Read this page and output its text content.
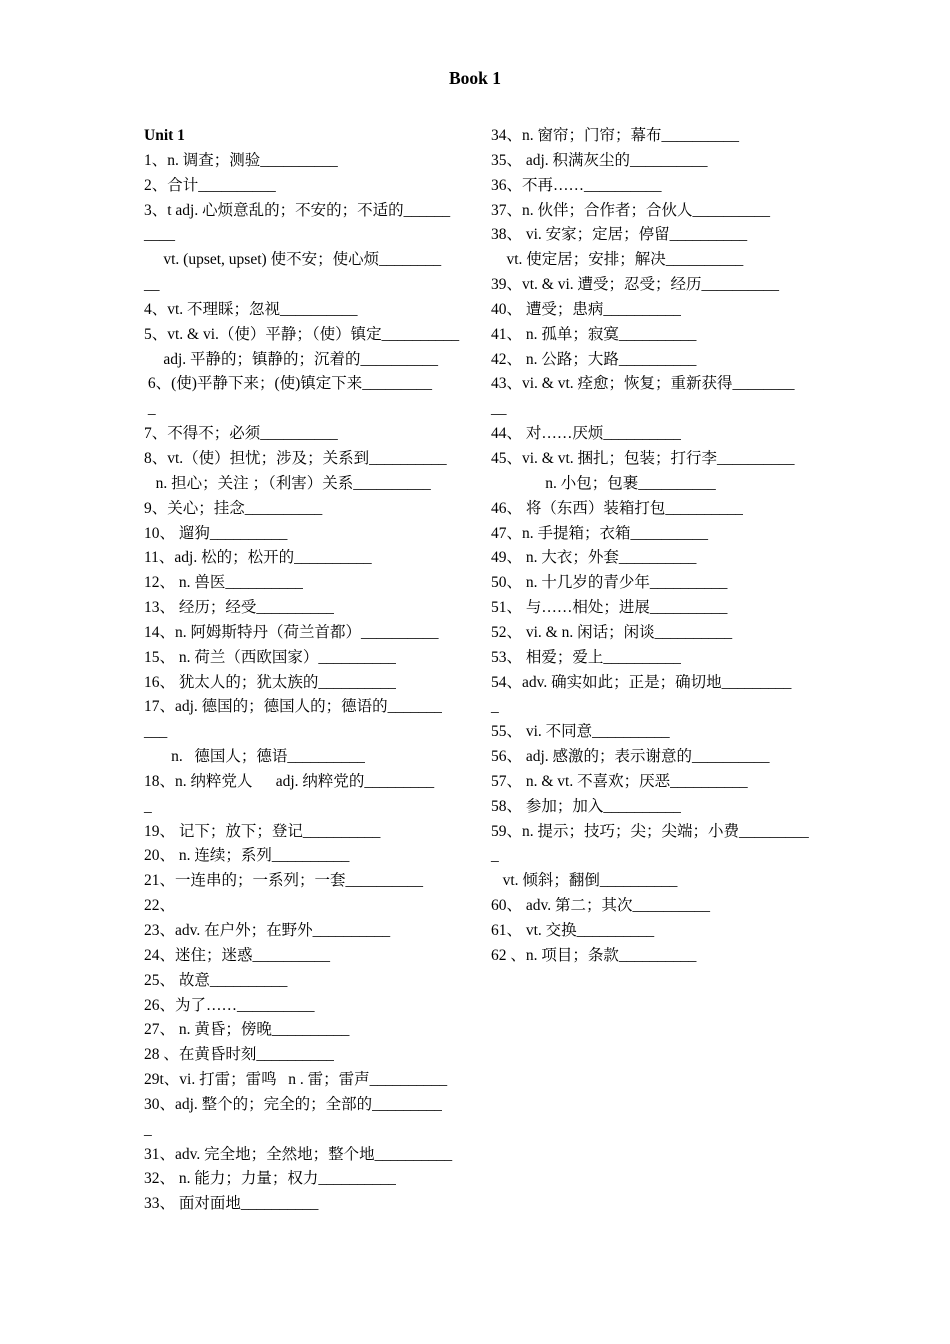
Book 1
Unit 1
1、n. 调查；测验__________
2、合计__________
3、t adj. 心烦意乱的；不安的；不适的______
____
vt. (upset, upset) 使不安；使心烦________
__
4、vt. 不理睬；忽视__________
5、vt. & vi.（使）平静；（使）镇定__________
adj. 平静的；镇静的；沉着的__________
6、(使)平静下来；(使)镇定下来_________
_
7、不得不；必须__________
8、vt.（使）担忧；涉及；关系到__________
n. 担心；关注 ；（利害）关系__________
9、关心；挂念__________
10、 遛狗__________
11、adj. 松的；松开的__________
12、 n. 兽医__________
13、 经历；经受__________
14、n. 阿姆斯特丹（荷兰首都）__________
15、 n. 荷兰（西欧国家）__________
16、 犹太人的；犹太族的__________
17、adj. 德国的；德国人的；德语的_______
___
n.   德国人；德语__________
18、n. 纳粹党人      adj. 纳粹党的_________
_
19、 记下；放下；登记__________
20、 n. 连续；系列__________
21、一连串的；一系列；一套__________
22、
23、adv. 在户外；在野外__________
24、迷住；迷惑__________
25、 故意__________
26、为了……__________
27、 n. 黄昏；傍晚__________
28 、在黄昏时刻__________
29t、vi. 打雷；雷鸣   n . 雷；雷声__________
30、adj. 整个的；完全的；全部的_________
_
31、adv. 完全地；全然地；整个地__________
32、 n. 能力；力量；权力__________
33、 面对面地__________
34、n. 窗帘；门帘；幕布__________
35、 adj. 积满灰尘的__________
36、不再……__________
37、n. 伙伴；合作者；合伙人__________
38、 vi. 安家；定居；停留__________
vt. 使定居；安排；解决__________
39、vt. & vi. 遭受；忍受；经历__________
40、 遭受；患病__________
41、 n. 孤单；寂寞__________
42、 n. 公路；大路__________
43、vi. & vt. 痊愈；恢复；重新获得________
__
44、 对……厌烦__________
45、vi. & vt. 捆扎；包装；打行李__________
n. 小包；包裹__________
46、 将（东西）装箱打包__________
47、n. 手提箱；衣箱__________
49、 n. 大衣；外套__________
50、 n. 十几岁的青少年__________
51、 与……相处；进展__________
52、 vi. & n. 闲话；闲谈__________
53、 相爱；爱上__________
54、adv. 确实如此；正是；确切地_________
_
55、 vi. 不同意__________
56、 adj. 感激的；表示谢意的__________
57、 n. & vt. 不喜欢；厌恶__________
58、 参加；加入__________
59、n. 提示；技巧；尖；尖端；小费_________
_
vt. 倾斜；翻倒__________
60、 adv. 第二；其次__________
61、 vt. 交换__________
62 、n. 项目；条款__________
